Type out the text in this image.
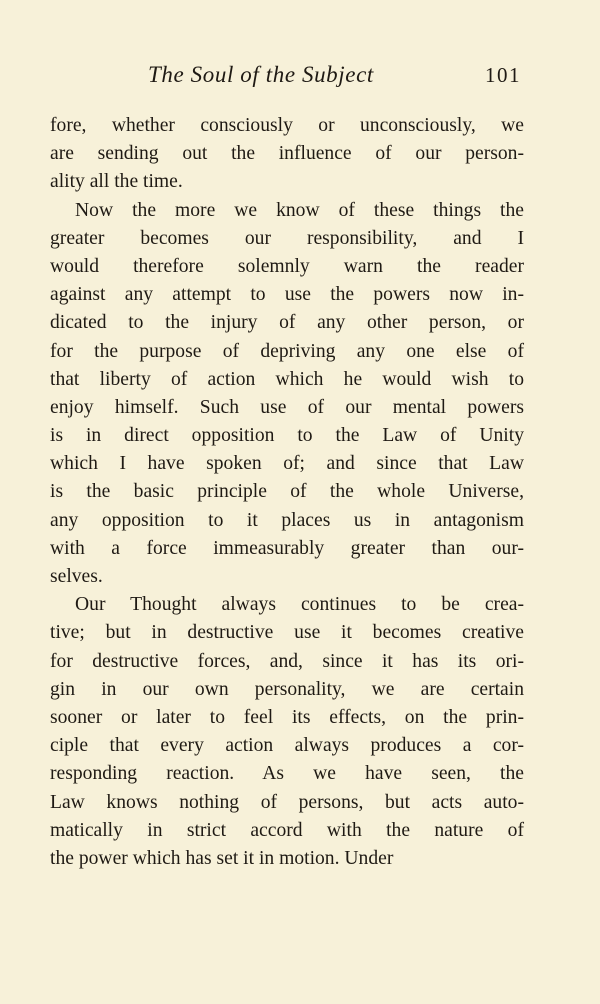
The Soul of the Subject	101
fore, whether consciously or unconsciously, we
are sending out the influence of our person-
ality all the time.
Now the more we know of these things the
greater becomes our responsibility, and I
would therefore solemnly warn the reader
against any attempt to use the powers now in-
dicated to the injury of any other person, or
for the purpose of depriving any one else of
that liberty of action which he would wish to
enjoy himself. Such use of our mental powers
is in direct opposition to the Law of Unity
which I have spoken of; and since that Law
is the basic principle of the whole Universe,
any opposition to it places us in antagonism
with a force immeasurably greater than our-
selves.
Our Thought always continues to be crea-
tive; but in destructive use it becomes creative
for destructive forces, and, since it has its ori-
gin in our own personality, we are certain
sooner or later to feel its effects, on the prin-
ciple that every action always produces a cor-
responding reaction. As we have seen, the
Law knows nothing of persons, but acts auto-
matically in strict accord with the nature of
the power which has set it in motion. Under
